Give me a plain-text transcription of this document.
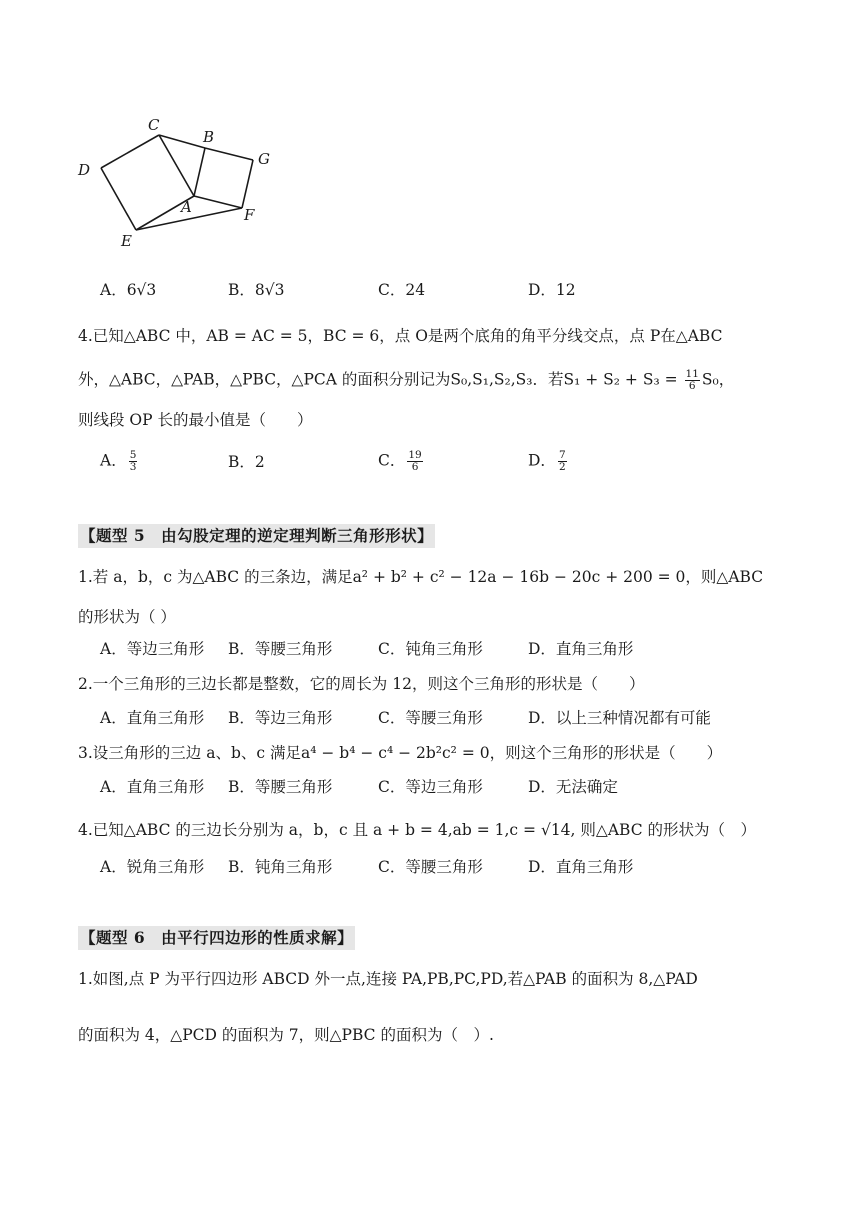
C
B
G
D
A	F
E
A．6√3	B．8√3	C．24	D．12
4.已知△ABC 中，AB = AC = 5，BC = 6，点 O是两个底角的角平分线交点，点 P在△ABC
外，△ABC，△PAB，△PBC，△PCA 的面积分别记为S₀,S₁,S₂,S₃．若$S_1 + S_2 + S_3 = \frac{11}{6} S_0$，
则线段 OP 长的最小值是（　　）
A． $\frac{5}{3}$	B．2	C． $\frac{19}{6}$	D． $\frac{7}{2}$
【题型 5　由勾股定理的逆定理判断三角形形状】
1.若 a，b，c 为△ABC 的三条边，满足a² + b² + c² − 12a − 16b − 20c + 200 = 0，则△ABC
的形状为（ ）
A．等边三角形 B．等腰三角形	C．钝角三角形	D．直角三角形
2.一个三角形的三边长都是整数，它的周长为 12，则这个三角形的形状是（　　）
A．直角三角形 B．等边三角形	C．等腰三角形	D．以上三种情况都有可能
3.设三角形的三边 a、b、c 满足a⁴ − b⁴ − c⁴ − 2b²c² = 0，则这个三角形的形状是（　　）
A．直角三角形 B．等腰三角形	C．等边三角形	D．无法确定
4.已知△ABC 的三边长分别为 a，b，c 且 a + b = 4,ab = 1,c = √14, 则△ABC 的形状为（　）
A．锐角三角形 B．钝角三角形	C．等腰三角形	D．直角三角形
【题型 6　由平行四边形的性质求解】
1.如图,点 P 为平行四边形 ABCD 外一点,连接 PA,PB,PC,PD,若△PAB 的面积为 8,△PAD
的面积为 4，△PCD 的面积为 7，则△PBC 的面积为（　）.
